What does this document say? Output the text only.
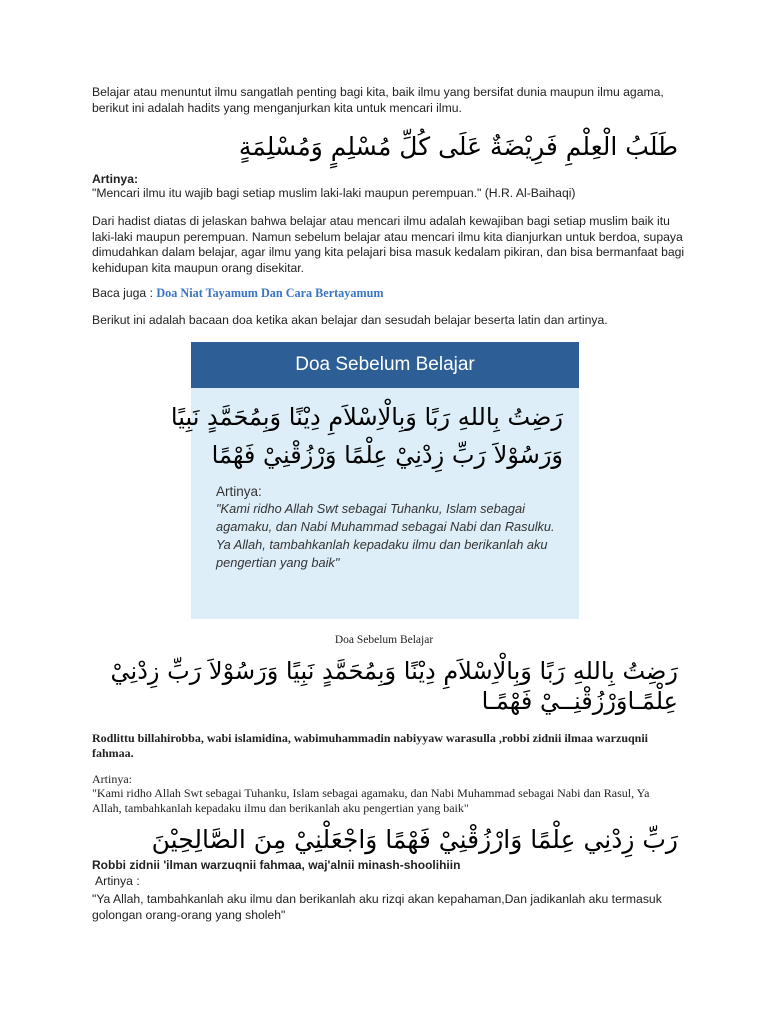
Belajar atau menuntut ilmu sangatlah penting bagi kita, baik ilmu yang bersifat dunia maupun ilmu agama, berikut ini adalah hadits yang menganjurkan kita untuk mencari ilmu.
طَلَبُ الْعِلْمِ فَرِيْضَةٌ عَلَى كُلِّ مُسْلِمٍ وَمُسْلِمَةٍ
Artinya:
"Mencari ilmu itu wajib bagi setiap muslim laki-laki maupun perempuan." (H.R. Al-Baihaqi)
Dari hadist diatas di jelaskan bahwa belajar atau mencari ilmu adalah kewajiban bagi setiap muslim baik itu laki-laki maupun perempuan. Namun sebelum belajar atau mencari ilmu kita dianjurkan untuk berdoa, supaya dimudahkan dalam belajar, agar ilmu yang kita pelajari bisa masuk kedalam pikiran, dan bisa bermanfaat bagi kehidupan kita maupun orang disekitar.
Baca juga : Doa Niat Tayamum Dan Cara Bertayamum
Berikut ini adalah bacaan doa ketika akan belajar dan sesudah belajar beserta latin dan artinya.
Doa Sebelum Belajar
رَضِتُ بِاللهِ رَبًا وَبِالْاِسْلاَمِ دِيْنًا وَبِمُحَمَّدٍ نَبِيًا
وَرَسُوْلاَ رَبِّ زِدْنِيْ عِلْمًا وَرْزُقْنِيْ فَهْمًا
Artinya:
"Kami ridho Allah Swt sebagai Tuhanku, Islam sebagai agamaku, dan Nabi Muhammad sebagai Nabi dan Rasulku. Ya Allah, tambahkanlah kepadaku ilmu dan berikanlah aku pengertian yang baik"
Doa Sebelum Belajar
رَضِتُ بِاللهِ رَبًا وَبِالْاِسْلاَمِ دِيْنًا وَبِمُحَمَّدٍ نَبِيًا وَرَسُوْلاَ رَبِّ زِدْنِيْ
عِلْمًـاوَرْزُقْنِــيْ فَهْمًـا
Rodlittu billahirobba, wabi islamidina, wabimuhammadin nabiyyaw warasulla ,robbi zidnii ilmaa warzuqnii fahmaa.
Artinya:
"Kami ridho Allah Swt sebagai Tuhanku, Islam sebagai agamaku, dan Nabi Muhammad sebagai Nabi dan Rasul, Ya Allah, tambahkanlah kepadaku ilmu dan berikanlah aku pengertian yang baik"
رَبِّ زِدْنِي عِلْمًا وَارْزُقْنِيْ فَهْمًا وَاجْعَلْنِيْ مِنَ الصَّالِحِيْنَ
Robbi zidnii 'ilman warzuqnii fahmaa, waj'alnii minash-shoolihiin
Artinya :
"Ya Allah, tambahkanlah aku ilmu dan berikanlah aku rizqi akan kepahaman,Dan jadikanlah aku termasuk golongan orang-orang yang sholeh"
